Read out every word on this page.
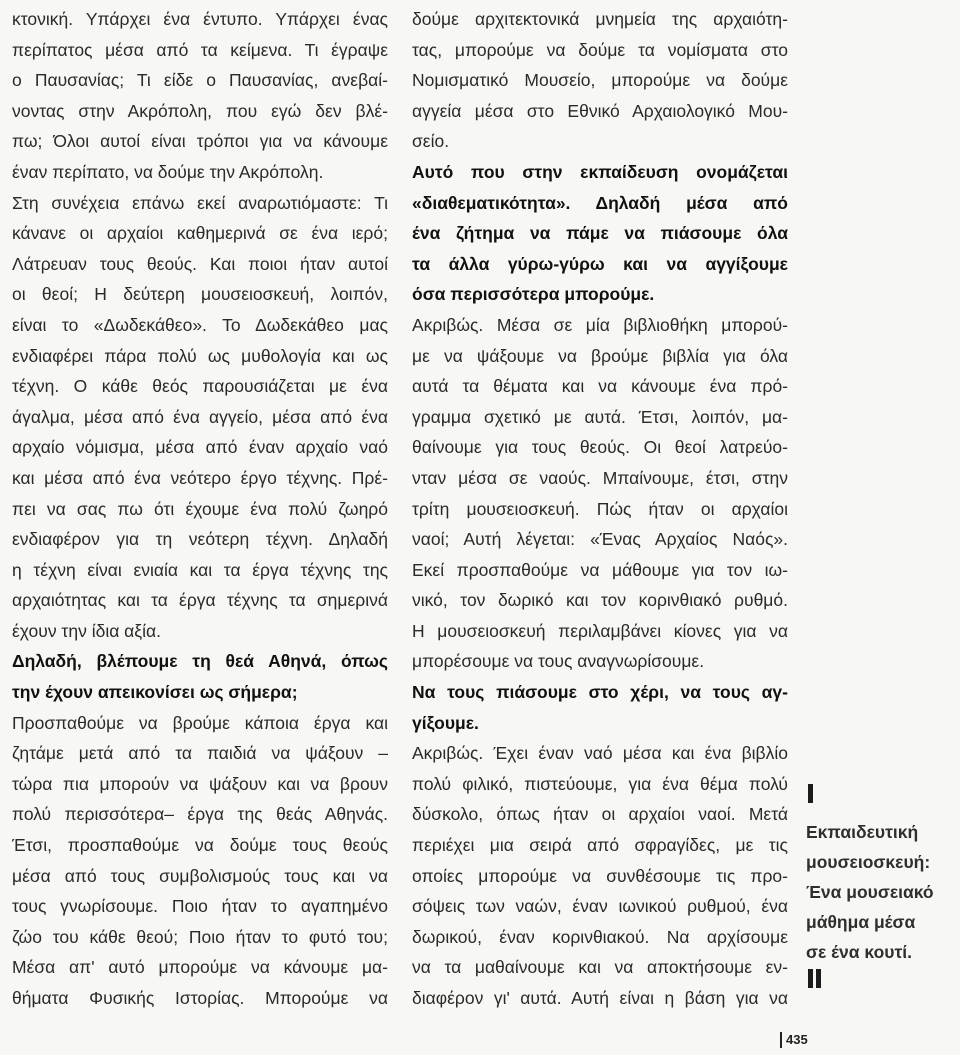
κτονική. Υπάρχει ένα έντυπο. Υπάρχει ένας
περίπατος μέσα από τα κείμενα. Τι έγραψε
ο Παυσανίας; Τι είδε ο Παυσανίας, ανεβαί-
νοντας στην Ακρόπολη, που εγώ δεν βλέ-
πω; Όλοι αυτοί είναι τρόποι για να κάνουμε
έναν περίπατο, να δούμε την Ακρόπολη.
Στη συνέχεια επάνω εκεί αναρωτιόμαστε: Τι
κάνανε οι αρχαίοι καθημερινά σε ένα ιερό;
Λάτρευαν τους θεούς. Και ποιοι ήταν αυτοί
οι θεοί; Η δεύτερη μουσειοσκευή, λοιπόν,
είναι το «Δωδεκάθεο». Το Δωδεκάθεο μας
ενδιαφέρει πάρα πολύ ως μυθολογία και ως
τέχνη. Ο κάθε θεός παρουσιάζεται με ένα
άγαλμα, μέσα από ένα αγγείο, μέσα από ένα
αρχαίο νόμισμα, μέσα από έναν αρχαίο ναό
και μέσα από ένα νεότερο έργο τέχνης. Πρέ-
πει να σας πω ότι έχουμε ένα πολύ ζωηρό
ενδιαφέρον για τη νεότερη τέχνη. Δηλαδή
η τέχνη είναι ενιαία και τα έργα τέχνης της
αρχαιότητας και τα έργα τέχνης τα σημερινά
έχουν την ίδια αξία.
Δηλαδή, βλέπουμε τη θεά Αθηνά, όπως
την έχουν απεικονίσει ως σήμερα;
Προσπαθούμε να βρούμε κάποια έργα και
ζητάμε μετά από τα παιδιά να ψάξουν –
τώρα πια μπορούν να ψάξουν και να βρουν
πολύ περισσότερα– έργα της θεάς Αθηνάς.
Έτσι, προσπαθούμε να δούμε τους θεούς
μέσα από τους συμβολισμούς τους και να
τους γνωρίσουμε. Ποιο ήταν το αγαπημένο
ζώο του κάθε θεού; Ποιο ήταν το φυτό του;
Μέσα απ' αυτό μπορούμε να κάνουμε μα-
θήματα Φυσικής Ιστορίας. Μπορούμε να
δούμε αρχιτεκτονικά μνημεία της αρχαιότη-
τας, μπορούμε να δούμε τα νομίσματα στο
Νομισματικό Μουσείο, μπορούμε να δούμε
αγγεία μέσα στο Εθνικό Αρχαιολογικό Μου-
σείο.
Αυτό που στην εκπαίδευση ονομάζεται
«διαθεματικότητα». Δηλαδή μέσα από
ένα ζήτημα να πάμε να πιάσουμε όλα
τα άλλα γύρω-γύρω και να αγγίξουμε
όσα περισσότερα μπορούμε.
Ακριβώς. Μέσα σε μία βιβλιοθήκη μπορού-
με να ψάξουμε να βρούμε βιβλία για όλα
αυτά τα θέματα και να κάνουμε ένα πρό-
γραμμα σχετικό με αυτά. Έτσι, λοιπόν, μα-
θαίνουμε για τους θεούς. Οι θεοί λατρεύο-
νταν μέσα σε ναούς. Μπαίνουμε, έτσι, στην
τρίτη μουσειοσκευή. Πώς ήταν οι αρχαίοι
ναοί; Αυτή λέγεται: «Ένας Αρχαίος Ναός».
Εκεί προσπαθούμε να μάθουμε για τον ιω-
νικό, τον δωρικό και τον κορινθιακό ρυθμό.
Η μουσειοσκευή περιλαμβάνει κίονες για να
μπορέσουμε να τους αναγνωρίσουμε.
Να τους πιάσουμε στο χέρι, να τους αγ-
γίξουμε.
Ακριβώς. Έχει έναν ναό μέσα και ένα βιβλίο
πολύ φιλικό, πιστεύουμε, για ένα θέμα πολύ
δύσκολο, όπως ήταν οι αρχαίοι ναοί. Μετά
περιέχει μια σειρά από σφραγίδες, με τις
οποίες μπορούμε να συνθέσουμε τις προ-
σόψεις των ναών, έναν ιωνικού ρυθμού, ένα
δωρικού, έναν κορινθιακού. Να αρχίσουμε
να τα μαθαίνουμε και να αποκτήσουμε εν-
διαφέρον γι' αυτά. Αυτή είναι η βάση για να
Εκπαιδευτική
μουσειοσκευή:
Ένα μουσειακό
μάθημα μέσα
σε ένα κουτί.
435
